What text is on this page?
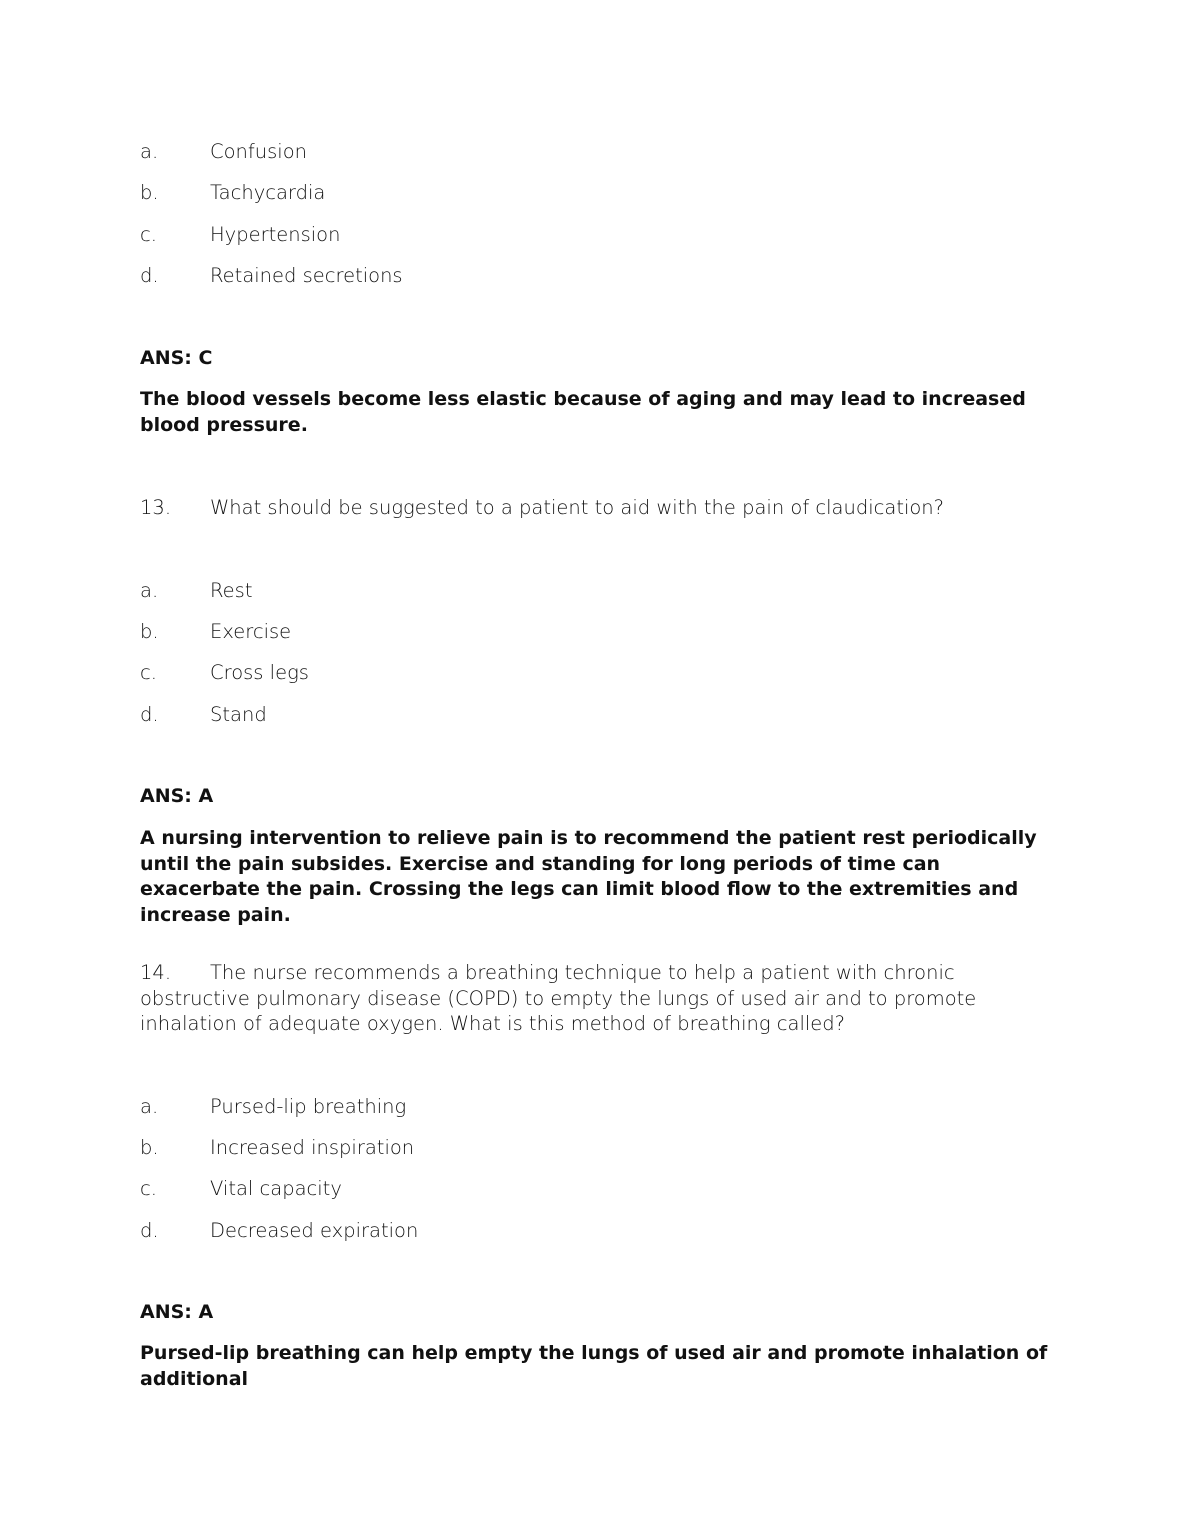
a.	Confusion
b.	Tachycardia
c.	Hypertension
d.	Retained secretions
ANS: C
The blood vessels become less elastic because of aging and may lead to increased blood pressure.
13. What should be suggested to a patient to aid with the pain of claudication?
a.	Rest
b.	Exercise
c.	Cross legs
d.	Stand
ANS: A
A nursing intervention to relieve pain is to recommend the patient rest periodically until the pain subsides. Exercise and standing for long periods of time can exacerbate the pain. Crossing the legs can limit blood flow to the extremities and increase pain.
14. The nurse recommends a breathing technique to help a patient with chronic obstructive pulmonary disease (COPD) to empty the lungs of used air and to promote inhalation of adequate oxygen. What is this method of breathing called?
a.	Pursed-lip breathing
b.	Increased inspiration
c.	Vital capacity
d.	Decreased expiration
ANS: A
Pursed-lip breathing can help empty the lungs of used air and promote inhalation of additional
